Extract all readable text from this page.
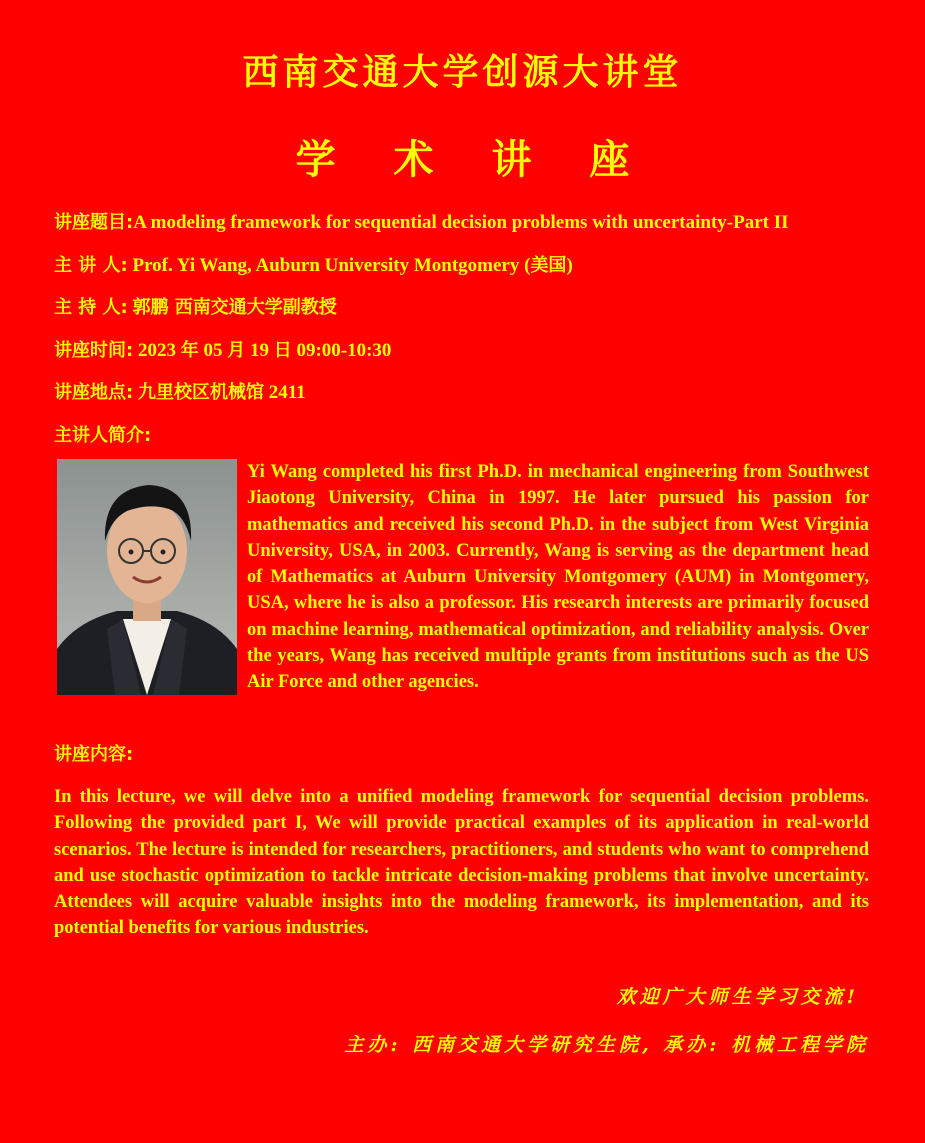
西南交通大学创源大讲堂
学 术 讲 座
讲座题目:A modeling framework for sequential decision problems with uncertainty-Part II
主 讲 人: Prof. Yi Wang, Auburn University Montgomery (美国)
主 持 人: 郭鹏 西南交通大学副教授
讲座时间: 2023 年 05 月 19 日 09:00-10:30
讲座地点: 九里校区机械馆 2411
主讲人简介:
Yi Wang completed his first Ph.D. in mechanical engineering from Southwest Jiaotong University, China in 1997. He later pursued his passion for mathematics and received his second Ph.D. in the subject from West Virginia University, USA, in 2003. Currently, Wang is serving as the department head of Mathematics at Auburn University Montgomery (AUM) in Montgomery, USA, where he is also a professor. His research interests are primarily focused on machine learning, mathematical optimization, and reliability analysis. Over the years, Wang has received multiple grants from institutions such as the US Air Force and other agencies.
讲座内容:
In this lecture, we will delve into a unified modeling framework for sequential decision problems. Following the provided part I, We will provide practical examples of its application in real-world scenarios. The lecture is intended for researchers, practitioners, and students who want to comprehend and use stochastic optimization to tackle intricate decision-making problems that involve uncertainty. Attendees will acquire valuable insights into the modeling framework, its implementation, and its potential benefits for various industries.
欢迎广大师生学习交流!
主办: 西南交通大学研究生院, 承办: 机械工程学院
